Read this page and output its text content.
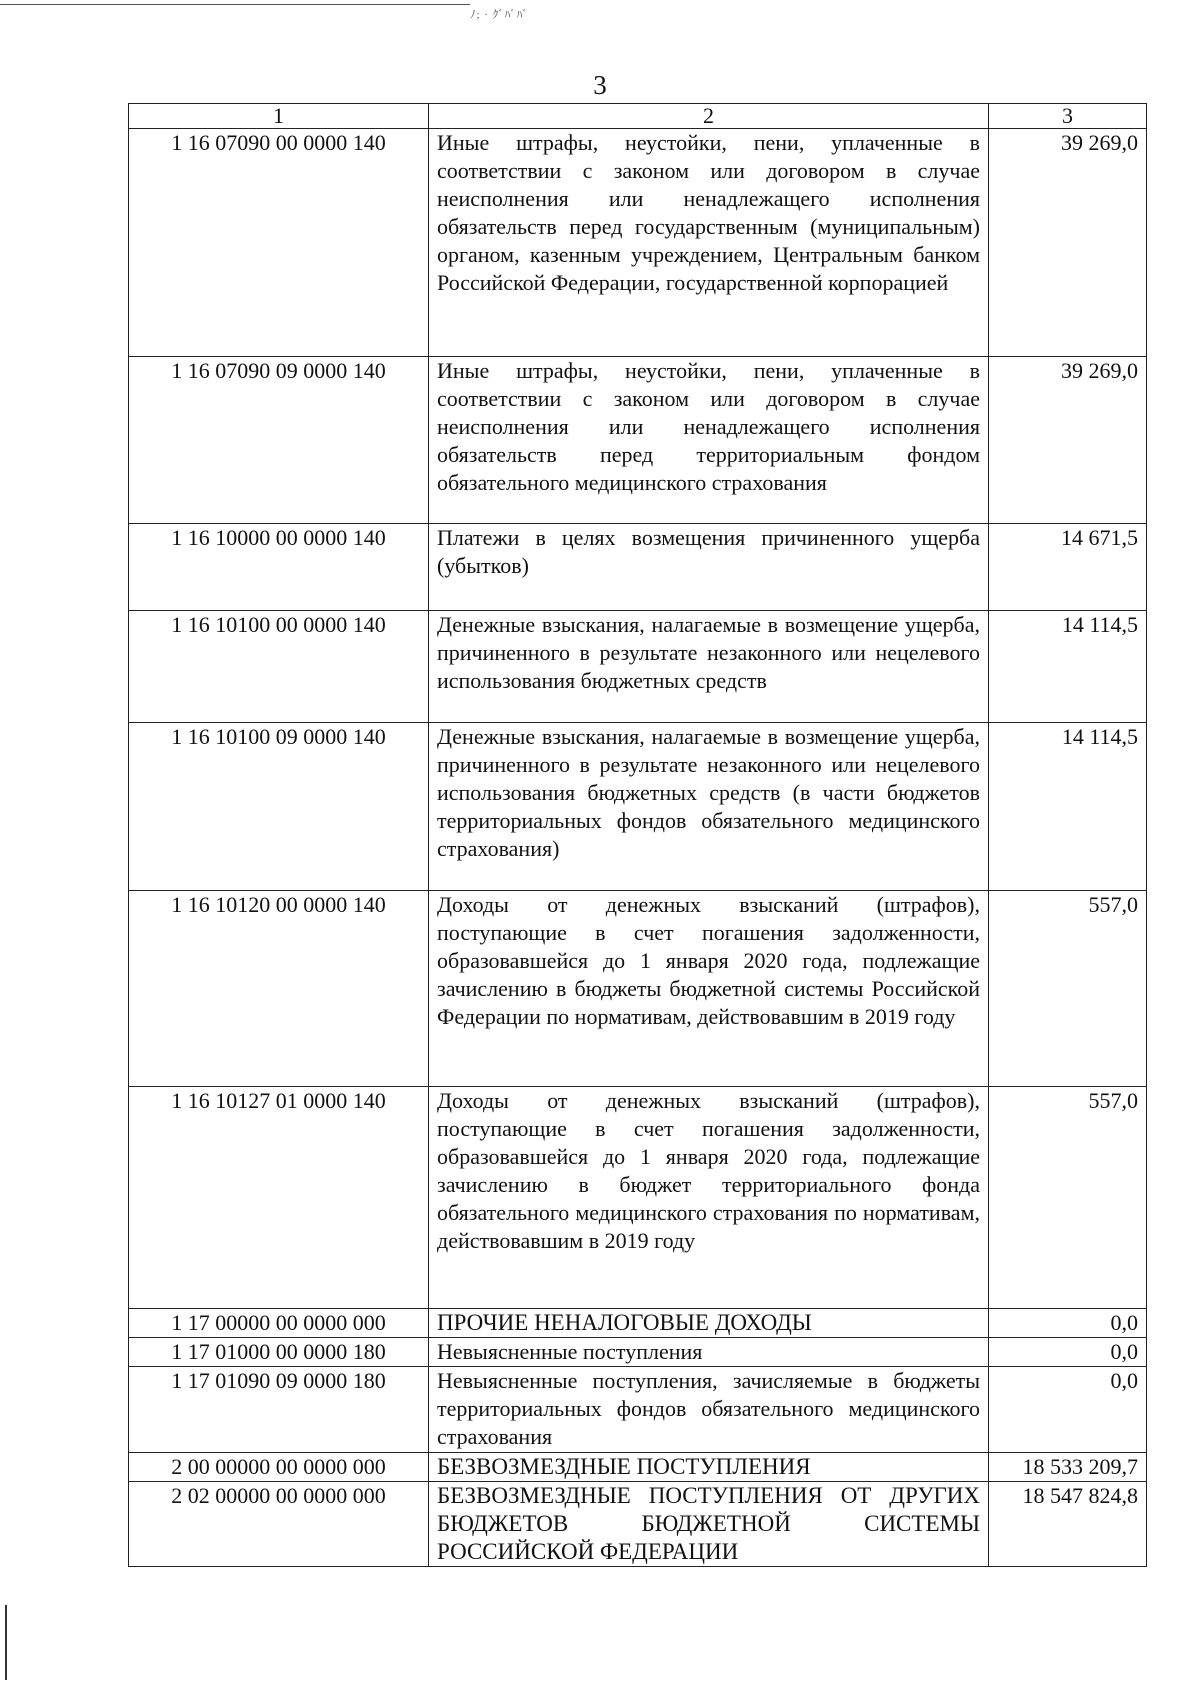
ﾉ; · ｸﾞﾊﾞﾊﾞ
3
1	2	3
1 16 07090 00 0000 140	Иные штрафы, неустойки, пени, уплаченные в соответствии с законом или договором в случае неисполнения или ненадлежащего исполнения обязательств перед государственным (муниципальным) органом, казенным учреждением, Центральным банком Российской Федерации, государственной корпорацией	39 269,0
1 16 07090 09 0000 140	Иные штрафы, неустойки, пени, уплаченные в соответствии с законом или договором в случае неисполнения или ненадлежащего исполнения обязательств перед территориальным фондом обязательного медицинского страхования	39 269,0
1 16 10000 00 0000 140	Платежи в целях возмещения причиненного ущерба (убытков)	14 671,5
1 16 10100 00 0000 140	Денежные взыскания, налагаемые в возмещение ущерба, причиненного в результате незаконного или нецелевого использования бюджетных средств	14 114,5
1 16 10100 09 0000 140	Денежные взыскания, налагаемые в возмещение ущерба, причиненного в результате незаконного или нецелевого использования бюджетных средств (в части бюджетов территориальных фондов обязательного медицинского страхования)	14 114,5
1 16 10120 00 0000 140	Доходы от денежных взысканий (штрафов), поступающие в счет погашения задолженности, образовавшейся до 1 января 2020 года, подлежащие зачислению в бюджеты бюджетной системы Российской Федерации по нормативам, действовавшим в 2019 году	557,0
1 16 10127 01 0000 140	Доходы от денежных взысканий (штрафов), поступающие в счет погашения задолженности, образовавшейся до 1 января 2020 года, подлежащие зачислению в бюджет территориального фонда обязательного медицинского страхования по нормативам, действовавшим в 2019 году	557,0
1 17 00000 00 0000 000	ПРОЧИЕ НЕНАЛОГОВЫЕ ДОХОДЫ	0,0
1 17 01000 00 0000 180	Невыясненные поступления	0,0
1 17 01090 09 0000 180	Невыясненные поступления, зачисляемые в бюджеты территориальных фондов обязательного медицинского страхования	0,0
2 00 00000 00 0000 000	БЕЗВОЗМЕЗДНЫЕ ПОСТУПЛЕНИЯ	18 533 209,7
2 02 00000 00 0000 000	БЕЗВОЗМЕЗДНЫЕ ПОСТУПЛЕНИЯ ОТ ДРУГИХ БЮДЖЕТОВ БЮДЖЕТНОЙ СИСТЕМЫ РОССИЙСКОЙ ФЕДЕРАЦИИ	18 547 824,8
